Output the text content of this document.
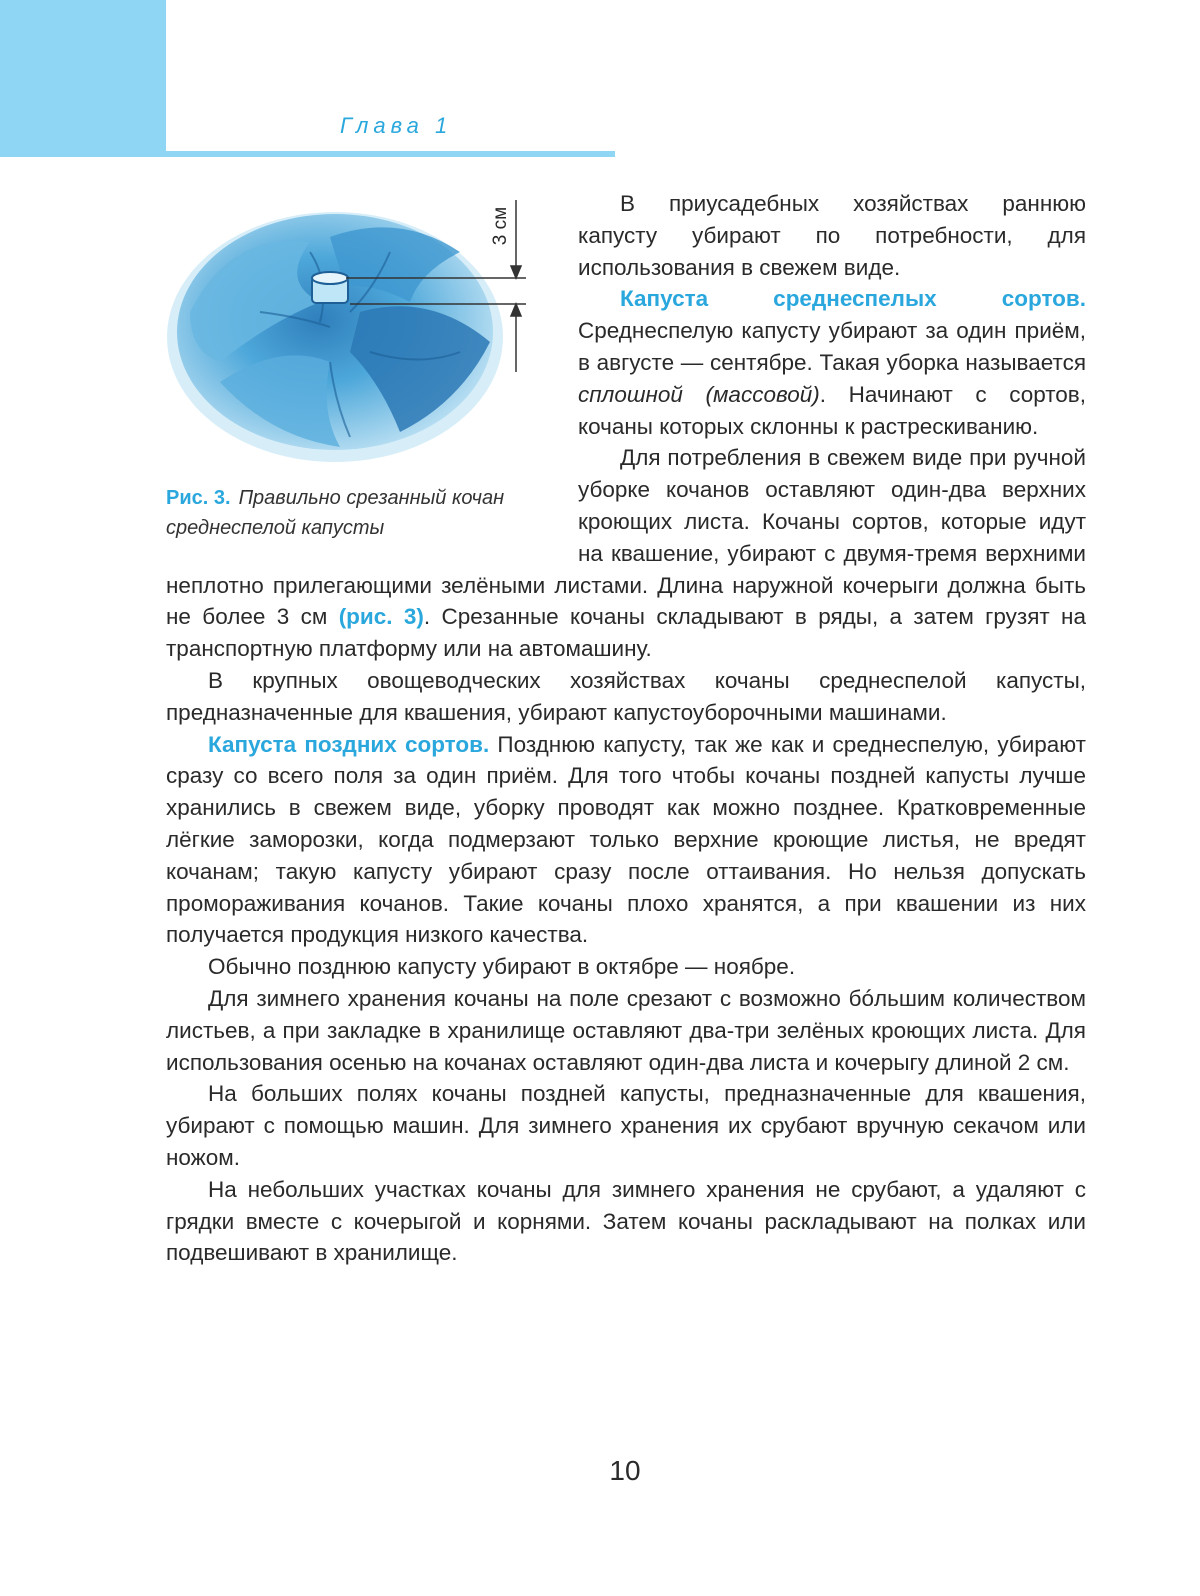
Глава 1
3 см

Рис. 3. Правильно срезанный кочан среднеспелой капусты

В приусадебных хозяйствах раннюю капусту убирают по потребности, для использования в свежем виде.

Капуста среднеспелых сортов. Среднеспелую капусту убирают за один приём, в августе — сентябре. Такая уборка называется сплошной (массовой). Начинают с сортов, кочаны которых склонны к растрескиванию.

Для потребления в свежем виде при ручной уборке кочанов оставляют один-два верхних кроющих листа. Кочаны сортов, которые идут на квашение, убирают с двумя-тремя верхними неплотно прилегающими зелёными листами. Длина наружной кочерыги должна быть не более 3 см (рис. 3). Срезанные кочаны складывают в ряды, а затем грузят на транспортную платформу или на автомашину.

В крупных овощеводческих хозяйствах кочаны среднеспелой капусты, предназначенные для квашения, убирают капустоуборочными машинами.

Капуста поздних сортов. Позднюю капусту, так же как и среднеспелую, убирают сразу со всего поля за один приём. Для того чтобы кочаны поздней капусты лучше хранились в свежем виде, уборку проводят как можно позднее. Кратковременные лёгкие заморозки, когда подмерзают только верхние кроющие листья, не вредят кочанам; такую капусту убирают сразу после оттаивания. Но нельзя допускать промораживания кочанов. Такие кочаны плохо хранятся, а при квашении из них получается продукция низкого качества.

Обычно позднюю капусту убирают в октябре — ноябре.

Для зимнего хранения кочаны на поле срезают с возможно бóльшим количеством листьев, а при закладке в хранилище оставляют два-три зелёных кроющих листа. Для использования осенью на кочанах оставляют один-два листа и кочерыгу длиной 2 см.

На больших полях кочаны поздней капусты, предназначенные для квашения, убирают с помощью машин. Для зимнего хранения их срубают вручную секачом или ножом.

На небольших участках кочаны для зимнего хранения не срубают, а удаляют с грядки вместе с кочерыгой и корнями. Затем кочаны раскладывают на полках или подвешивают в хранилище.

10
